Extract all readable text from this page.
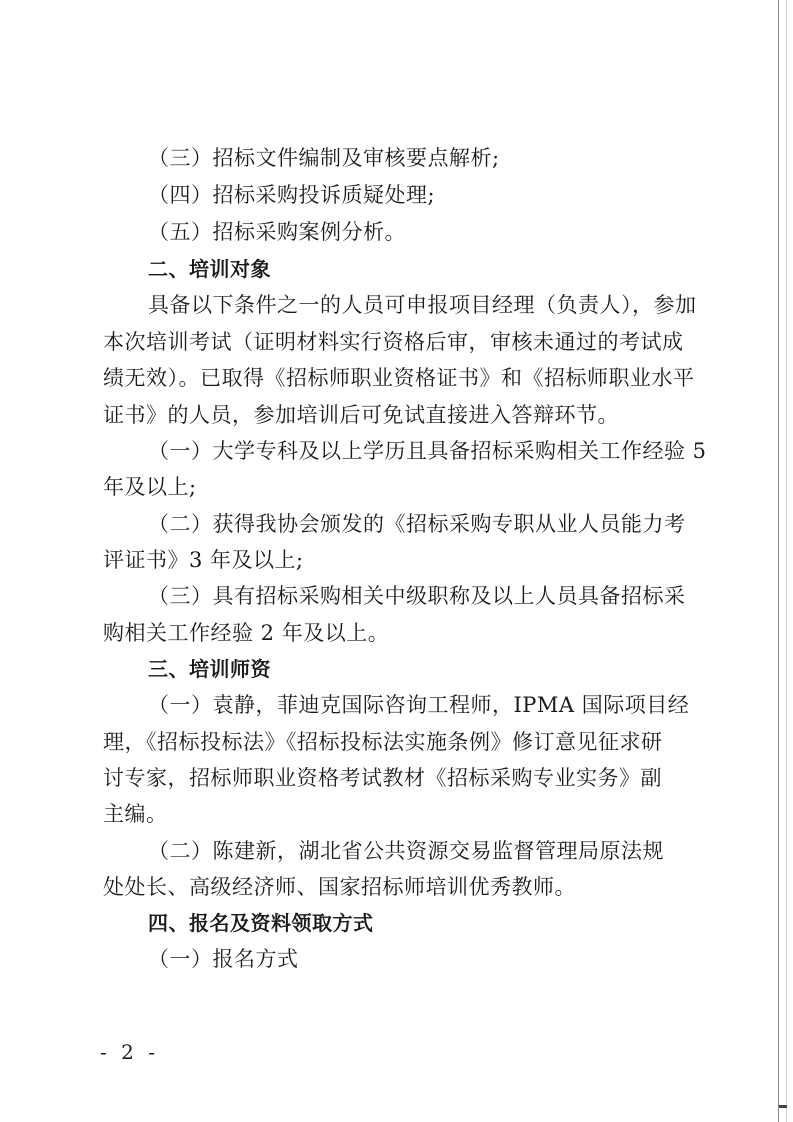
（三）招标文件编制及审核要点解析;
（四）招标采购投诉质疑处理;
（五）招标采购案例分析。
二、培训对象
具备以下条件之一的人员可申报项目经理（负责人），参加
本次培训考试（证明材料实行资格后审，审核未通过的考试成
绩无效）。已取得《招标师职业资格证书》和《招标师职业水平
证书》的人员，参加培训后可免试直接进入答辩环节。
（一）大学专科及以上学历且具备招标采购相关工作经验 5
年及以上;
（二）获得我协会颁发的《招标采购专职从业人员能力考
评证书》3 年及以上;
（三）具有招标采购相关中级职称及以上人员具备招标采
购相关工作经验 2 年及以上。
三、培训师资
（一）袁静，菲迪克国际咨询工程师，IPMA 国际项目经
理，《招标投标法》《招标投标法实施条例》修订意见征求研
讨专家，招标师职业资格考试教材《招标采购专业实务》副
主编。
（二）陈建新，湖北省公共资源交易监督管理局原法规
处处长、高级经济师、国家招标师培训优秀教师。
四、报名及资料领取方式
（一）报名方式
- 2 -
